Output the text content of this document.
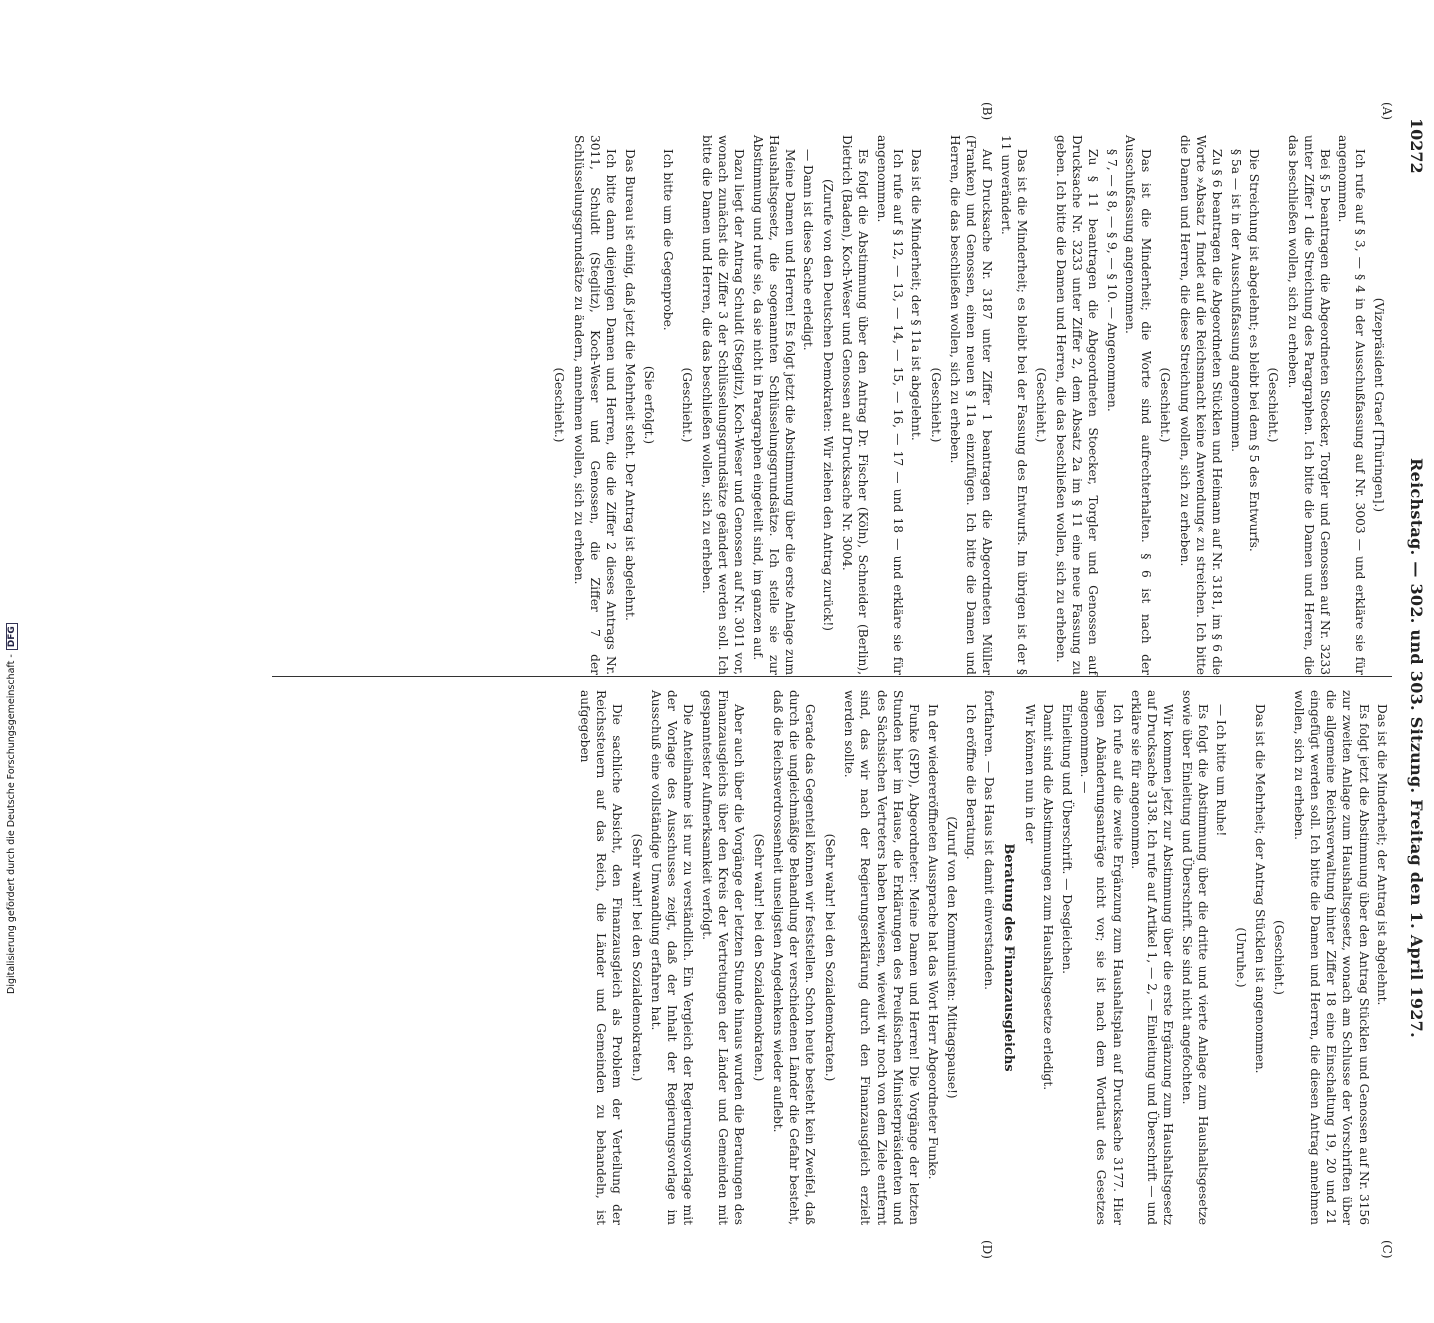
10272
Reichstag. — 302. und 303. Sitzung. Freitag den 1. April 1927.
(A)
(B)
(C)
(D)

(Vizepräsident Graef [Thüringen].)

Ich rufe auf § 3, — § 4 in der Ausschußfassung auf Nr. 3003 — und erkläre sie für angenommen.

Bei § 5 beantragen die Abgeordneten Stoecker, Torgler und Genossen auf Nr. 3233 unter Ziffer 1 die Streichung des Paragraphen. Ich bitte die Damen und Herren, die das beschließen wollen, sich zu erheben.

(Geschieht.)

Die Streichung ist abgelehnt; es bleibt bei dem § 5 des Entwurfs.

§ 5a — ist in der Ausschußfassung angenommen.

Zu § 6 beantragen die Abgeordneten Stücklen und Heimann auf Nr. 3181, im § 6 die Worte »Absatz 1 findet auf die Reichsmacht keine Anwendung« zu streichen. Ich bitte die Damen und Herren, die diese Streichung wollen, sich zu erheben.

(Geschieht.)

Das ist die Minderheit; die Worte sind aufrechterhalten. § 6 ist nach der Ausschußfassung angenommen.

§ 7, — § 8, — § 9, — § 10. — Angenommen.

Zu § 11 beantragen die Abgeordneten Stoecker, Torgler und Genossen auf Drucksache Nr. 3233 unter Ziffer 2, dem Absatz 2a im § 11 eine neue Fassung zu geben. Ich bitte die Damen und Herren, die das beschließen wollen, sich zu erheben.

(Geschieht.)

Das ist die Minderheit; es bleibt bei der Fassung des Entwurfs. Im übrigen ist der § 11 unverändert.

Auf Drucksache Nr. 3187 unter Ziffer 1 beantragen die Abgeordneten Müller (Franken) und Genossen, einen neuen § 11a einzufügen. Ich bitte die Damen und Herren, die das beschließen wollen, sich zu erheben.

(Geschieht.)

Das ist die Minderheit; der § 11a ist abgelehnt.

Ich rufe auf § 12, — 13, — 14, — 15, — 16, — 17 — und 18 — und erkläre sie für angenommen.

Es folgt die Abstimmung über den Antrag Dr. Fischer (Köln), Schneider (Berlin), Dietrich (Baden), Koch-Weser und Genossen auf Drucksache Nr. 3004.

(Zurufe von den Deutschen Demokraten: Wir ziehen den Antrag zurück!)

— Dann ist diese Sache erledigt.

Meine Damen und Herren! Es folgt jetzt die Abstimmung über die erste Anlage zum Haushaltsgesetz, die sogenannten Schlüsselungsgrundsätze. Ich stelle sie zur Abstimmung und rufe sie, da sie nicht in Paragraphen eingeteilt sind, im ganzen auf.

Dazu liegt der Antrag Schuldt (Steglitz), Koch-Weser und Genossen auf Nr. 3011 vor, wonach zunächst die Ziffer 3 der Schlüsselungsgrundsätze geändert werden soll. Ich bitte die Damen und Herren, die das beschließen wollen, sich zu erheben.

(Geschieht.)

Ich bitte um die Gegenprobe.

(Sie erfolgt.)

Das Bureau ist einig, daß jetzt die Mehrheit steht. Der Antrag ist abgelehnt.

Ich bitte dann diejenigen Damen und Herren, die die Ziffer 2 dieses Antrags Nr. 3011, Schuldt (Steglitz), Koch-Weser und Genossen, die Ziffer 7 der Schlüsselungsgrundsätze zu ändern, annehmen wollen, sich zu erheben.

(Geschieht.)

Das ist die Minderheit; der Antrag ist abgelehnt.

Es folgt jetzt die Abstimmung über den Antrag Stücklen und Genossen auf Nr. 3156 zur zweiten Anlage zum Haushaltsgesetz, wonach am Schlusse der Vorschriften über die allgemeine Reichsverwaltung hinter Ziffer 18 eine Einschaltung 19, 20 und 21 eingefügt werden soll. Ich bitte die Damen und Herren, die diesen Antrag annehmen wollen, sich zu erheben.

(Geschieht.)

Das ist die Mehrheit; der Antrag Stücklen ist angenommen.

(Unruhe.)

— Ich bitte um Ruhe!

Es folgt die Abstimmung über die dritte und vierte Anlage zum Haushaltsgesetze sowie über Einleitung und Überschrift. Sie sind nicht angefochten.

Wir kommen jetzt zur Abstimmung über die erste Ergänzung zum Haushaltsgesetz auf Drucksache 3138. Ich rufe auf Artikel 1, — 2, — Einleitung und Überschrift — und erkläre sie für angenommen.

Ich rufe auf die zweite Ergänzung zum Haushaltsplan auf Drucksache 3177. Hier liegen Abänderungsanträge nicht vor; sie ist nach dem Wortlaut des Gesetzes angenommen. —

Einleitung und Überschrift. — Desgleichen.

Damit sind die Abstimmungen zum Haushaltsgesetze erledigt.

Wir können nun in der

Beratung des Finanzausgleichs

fortfahren. — Das Haus ist damit einverstanden.

Ich eröffne die Beratung.

(Zuruf von den Kommunisten: Mittagspause!)

In der wiedereröffneten Aussprache hat das Wort Herr Abgeordneter Funke.

Funke (SPD), Abgeordneter: Meine Damen und Herren! Die Vorgänge der letzten Stunden hier im Hause, die Erklärungen des Preußischen Ministerpräsidenten und des Sächsischen Vertreters haben bewiesen, wieweit wir noch von dem Ziele entfernt sind, das wir nach der Regierungserklärung durch den Finanzausgleich erzielt werden sollte.

(Sehr wahr! bei den Sozialdemokraten.)

Gerade das Gegenteil können wir feststellen. Schon heute besteht kein Zweifel, daß durch die ungleichmäßige Behandlung der verschiedenen Länder die Gefahr besteht, daß die Reichsverdrossenheit unseligsten Angedenkens wieder auflebt.

(Sehr wahr! bei den Sozialdemokraten.)

Aber auch über die Vorgänge der letzten Stunde hinaus wurden die Beratungen des Finanzausgleichs über den Kreis der Vertretungen der Länder und Gemeinden mit gespanntester Aufmerksamkeit verfolgt.

Die Anteilnahme ist nur zu verständlich. Ein Vergleich der Regierungsvorlage mit der Vorlage des Ausschusses zeigt, daß der Inhalt der Regierungsvorlage im Ausschuß eine vollständige Umwandlung erfahren hat.

(Sehr wahr! bei den Sozialdemokraten.)

Die sachliche Absicht, den Finanzausgleich als Problem der Verteilung der Reichssteuern auf das Reich, die Länder und Gemeinden zu behandeln, ist aufgegeben

Digitalisierung gefördert durch die Deutsche Forschungsgemeinschaft -DFG
